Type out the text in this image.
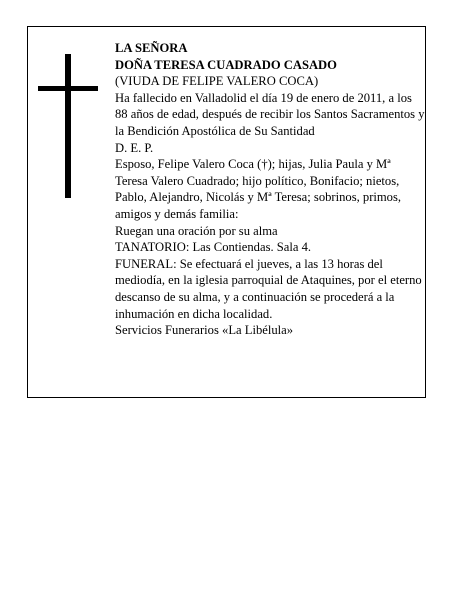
LA SEÑORA
DOÑA TERESA CUADRADO CASADO
(VIUDA DE FELIPE VALERO COCA)
Ha fallecido en Valladolid el día 19 de enero de 2011, a los 88 años de edad, después de recibir los Santos Sacramentos y la Bendición Apostólica de Su Santidad
D. E. P.
Esposo, Felipe Valero Coca (†); hijas, Julia Paula y Mª Teresa Valero Cuadrado; hijo político, Bonifacio; nietos, Pablo, Alejandro, Nicolás y Mª Teresa; sobrinos, primos, amigos y demás familia:
Ruegan una oración por su alma
TANATORIO: Las Contiendas. Sala 4.
FUNERAL: Se efectuará el jueves, a las 13 horas del mediodía, en la iglesia parroquial de Ataquines, por el eterno descanso de su alma, y a continuación se procederá a la inhumación en dicha localidad.
Servicios Funerarios «La Libélula»
